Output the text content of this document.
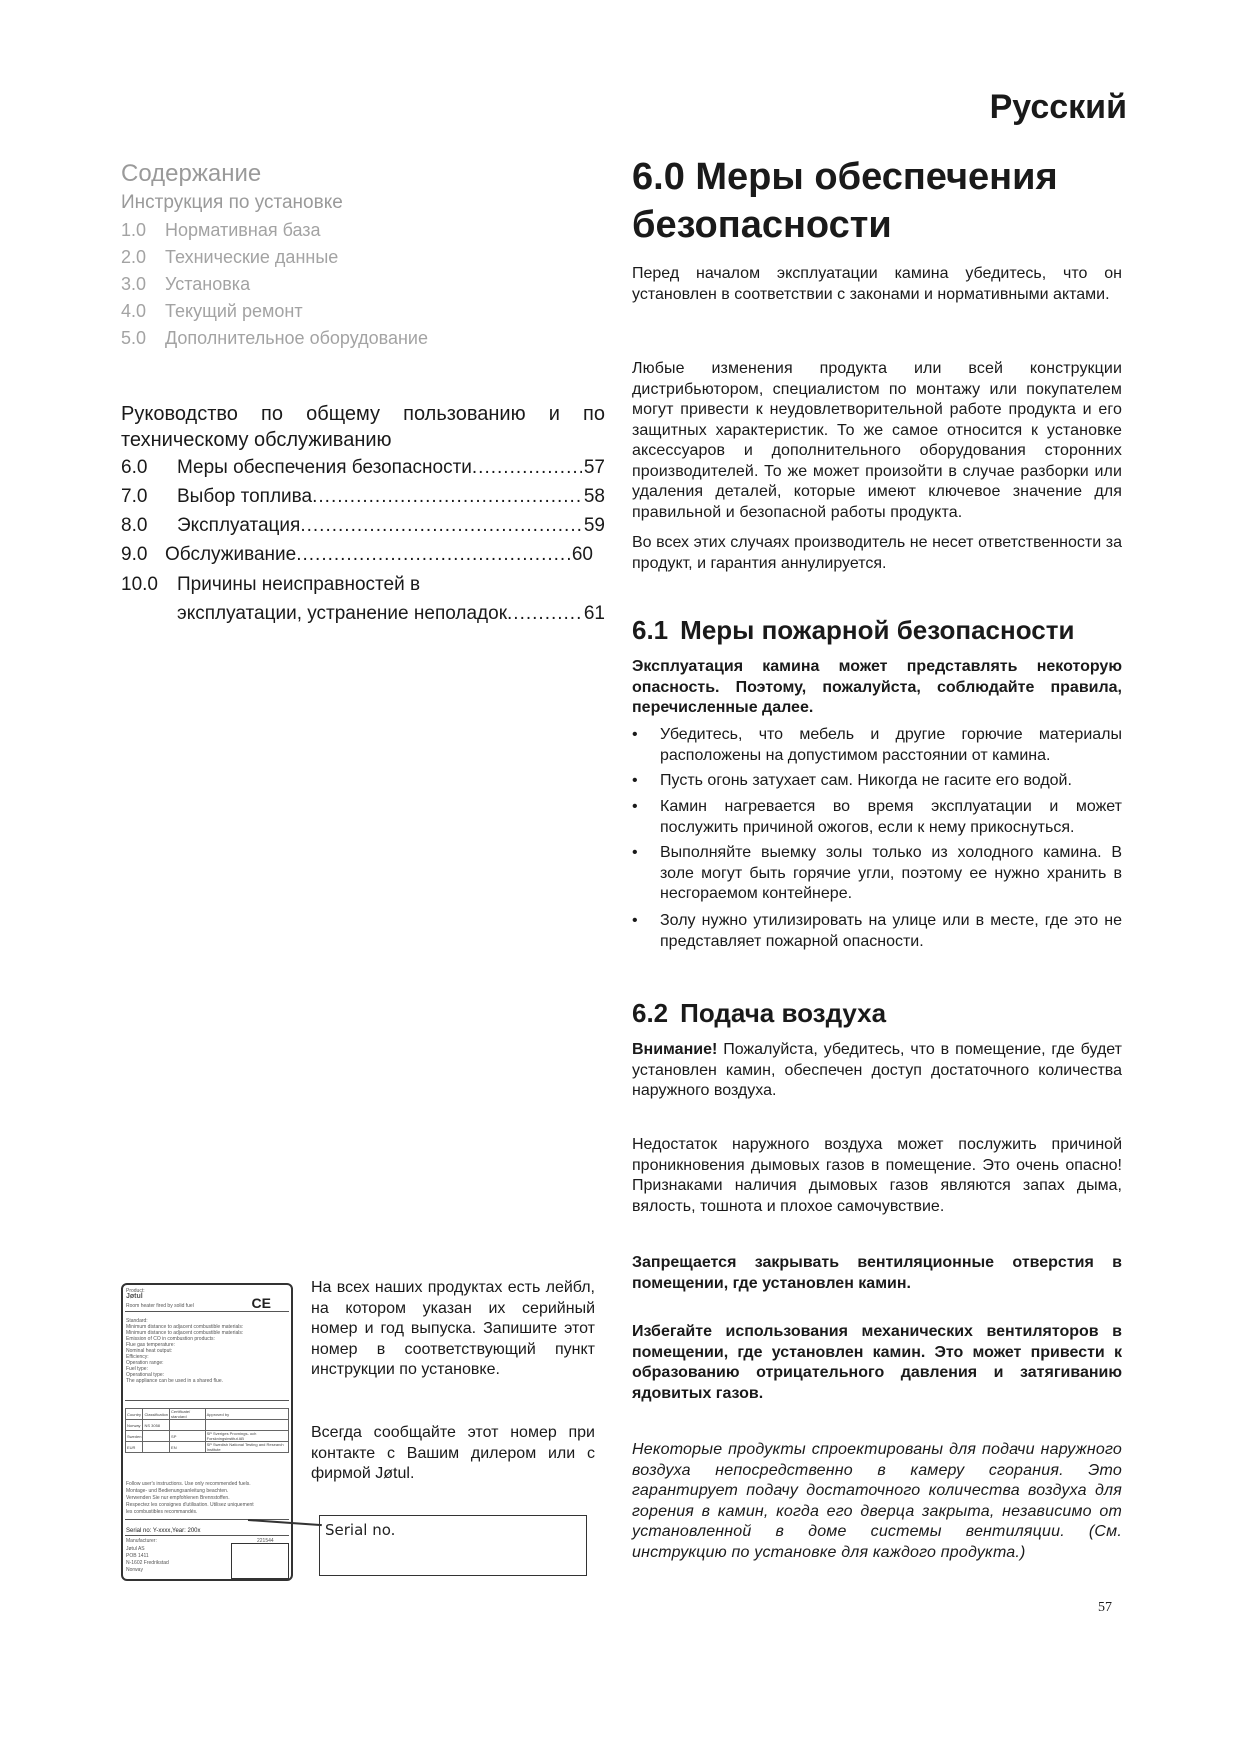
Русский
Содержание
Инструкция по установке
1.0 Нормативная база
2.0 Технические данные
3.0 Установка
4.0 Текущий ремонт
5.0 Дополнительное оборудование
Руководство по общему пользованию и по техническому обслуживанию
6.0	Меры обеспечения безопасности .....	57
7.0	Выбор топлива .....	58
8.0	Эксплуатация .....	59
9.0 Обслуживание .....	60
10.0	Причины неисправностей в
эксплуатации, устранение неполадок .....	61
6.0 Меры обеспечения безопасности
Перед началом эксплуатации камина убедитесь, что он установлен в соответствии с законами и нормативными актами.
Любые изменения продукта или всей конструкции дистрибьютором, специалистом по монтажу или покупателем могут привести к неудовлетворительной работе продукта и его защитных характеристик. То же самое относится к установке аксессуаров и дополнительного оборудования сторонних производителей. То же может произойти в случае разборки или удаления деталей, которые имеют ключевое значение для правильной и безопасной работы продукта.
Во всех этих случаях производитель не несет ответственности за продукт, и гарантия аннулируется.
6.1 Меры пожарной безопасности
Эксплуатация камина может представлять некоторую опасность. Поэтому, пожалуйста, соблюдайте правила, перечисленные далее.
• Убедитесь, что мебель и другие горючие материалы расположены на допустимом расстоянии от камина.
• Пусть огонь затухает сам. Никогда не гасите его водой.
• Камин нагревается во время эксплуатации и может послужить причиной ожогов, если к нему прикоснуться.
• Выполняйте выемку золы только из холодного камина. В золе могут быть горячие угли, поэтому ее нужно хранить в несгораемом контейнере.
• Золу нужно утилизировать на улице или в месте, где это не представляет пожарной опасности.
6.2 Подача воздуха
Внимание! Пожалуйста, убедитесь, что в помещение, где будет установлен камин, обеспечен доступ достаточного количества наружного воздуха.
Недостаток наружного воздуха может послужить причиной проникновения дымовых газов в помещение. Это очень опасно! Признаками наличия дымовых газов являются запах дыма, вялость, тошнота и плохое самочувствие.
Запрещается закрывать вентиляционные отверстия в помещении, где установлен камин.
Избегайте использования механических вентиляторов в помещении, где установлен камин. Это может привести к образованию отрицательного давления и затягиванию ядовитых газов.
Некоторые продукты спроектированы для подачи наружного воздуха непосредственно в камеру сгорания. Это гарантирует подачу достаточного количества воздуха для горения в камин, когда его дверца закрыта, независимо от установленной в доме системы вентиляции. (См. инструкцию по установке для каждого продукта.)
Product:
Jøtul
Room heater fired by solid fuel	CE
Standard:
Minimum distance to adjacent combustible materials:
Minimum distance to adjacent combustible materials:
Emission of CO in combustion products:
Flue gas temperature:
Nominal heat output:
Efficiency:
Operation range:
Fuel type:
Operational type:
The appliance can be used in a shared flue.
Country	Classification	Certificate/ standard	Approved by
Norway	NS 3058		
Sweden		SP	SP Sveriges Provnings- och Forskningsinstitut AB
EUR		EN	SP Swedish National Testing and Research Institute
Follow user's instructions. Use only recommended fuels.
Montage- und Bedienungsanleitung beachten.
Verwenden Sie nur empfohlenen Brennstoffen.
Respectez les consignes d'utilisation. Utilisez uniquement
les combustibles recommandés.
Serial no: Y-xxxx,Year: 200x
221544
Manufacturer:
Jøtul AS
POB 1411
N-1602 Fredrikstad
Norway
Serial no.
На всех наших продуктах есть лейбл, на котором указан их серийный номер и год выпуска. Запишите этот номер в соответствующий пункт инструкции по установке.
Всегда сообщайте этот номер при контакте с Вашим дилером или с фирмой Jøtul.
57
